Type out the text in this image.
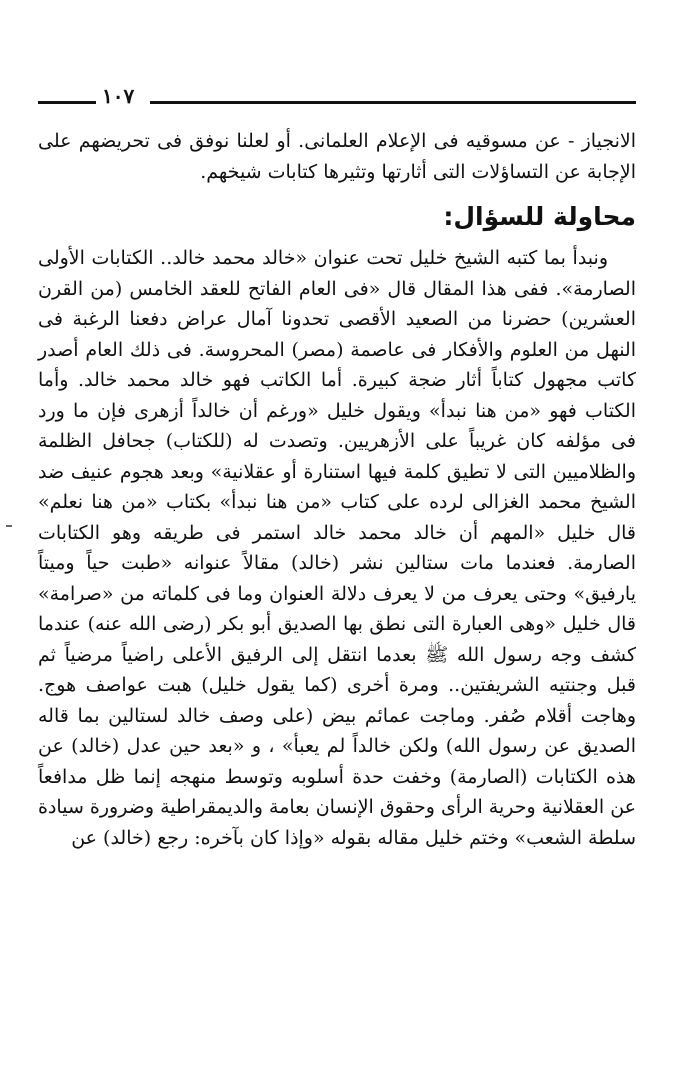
١٠٧

الانجياز - عن مسوقيه فى الإعلام العلمانى. أو لعلنا نوفق فى تحريضهم على الإجابة عن التساؤلات التى أثارتها وتثيرها كتابات شيخهم.

محاولة للسؤال:

ونبدأ بما كتبه الشيخ خليل تحت عنوان «خالد محمد خالد.. الكتابات الأولى الصارمة». ففى هذا المقال قال «فى العام الفاتح للعقد الخامس (من القرن العشرين) حضرنا من الصعيد الأقصى تحدونا آمال عراض دفعنا الرغبة فى النهل من العلوم والأفكار فى عاصمة (مصر) المحروسة. فى ذلك العام أصدر كاتب مجهول كتاباً أثار ضجة كبيرة. أما الكاتب فهو خالد محمد خالد. وأما الكتاب فهو «من هنا نبدأ» ويقول خليل «ورغم أن خالداً أزهرى فإن ما ورد فى مؤلفه كان غريباً على الأزهريين. وتصدت له (للكتاب) جحافل الظلمة والظلاميين التى لا تطيق كلمة فيها استنارة أو عقلانية» وبعد هجوم عنيف ضد الشيخ محمد الغزالى لرده على كتاب «من هنا نبدأ» بكتاب «من هنا نعلم» قال خليل «المهم أن خالد محمد خالد استمر فى طريقه وهو الكتابات الصارمة. فعندما مات ستالين نشر (خالد) مقالاً عنوانه «طبت حياً وميتاً يارفيق» وحتى يعرف من لا يعرف دلالة العنوان وما فى كلماته من «صرامة» قال خليل «وهى العبارة التى نطق بها الصديق أبو بكر (رضى الله عنه) عندما كشف وجه رسول الله ﷺ بعدما انتقل إلى الرفيق الأعلى راضياً مرضياً ثم قبل وجنتيه الشريفتين.. ومرة أخرى (كما يقول خليل) هبت عواصف هوج. وهاجت أقلام صُفر. وماجت عمائم بيض (على وصف خالد لستالين بما قاله الصديق عن رسول الله) ولكن خالداً لم يعبأ» ، و «بعد حين عدل (خالد) عن هذه الكتابات (الصارمة) وخفت حدة أسلوبه وتوسط منهجه إنما ظل مدافعاً عن العقلانية وحرية الرأى وحقوق الإنسان بعامة والديمقراطية وضرورة سيادة سلطة الشعب» وختم خليل مقاله بقوله «وإذا كان بآخره: رجع (خالد) عن
